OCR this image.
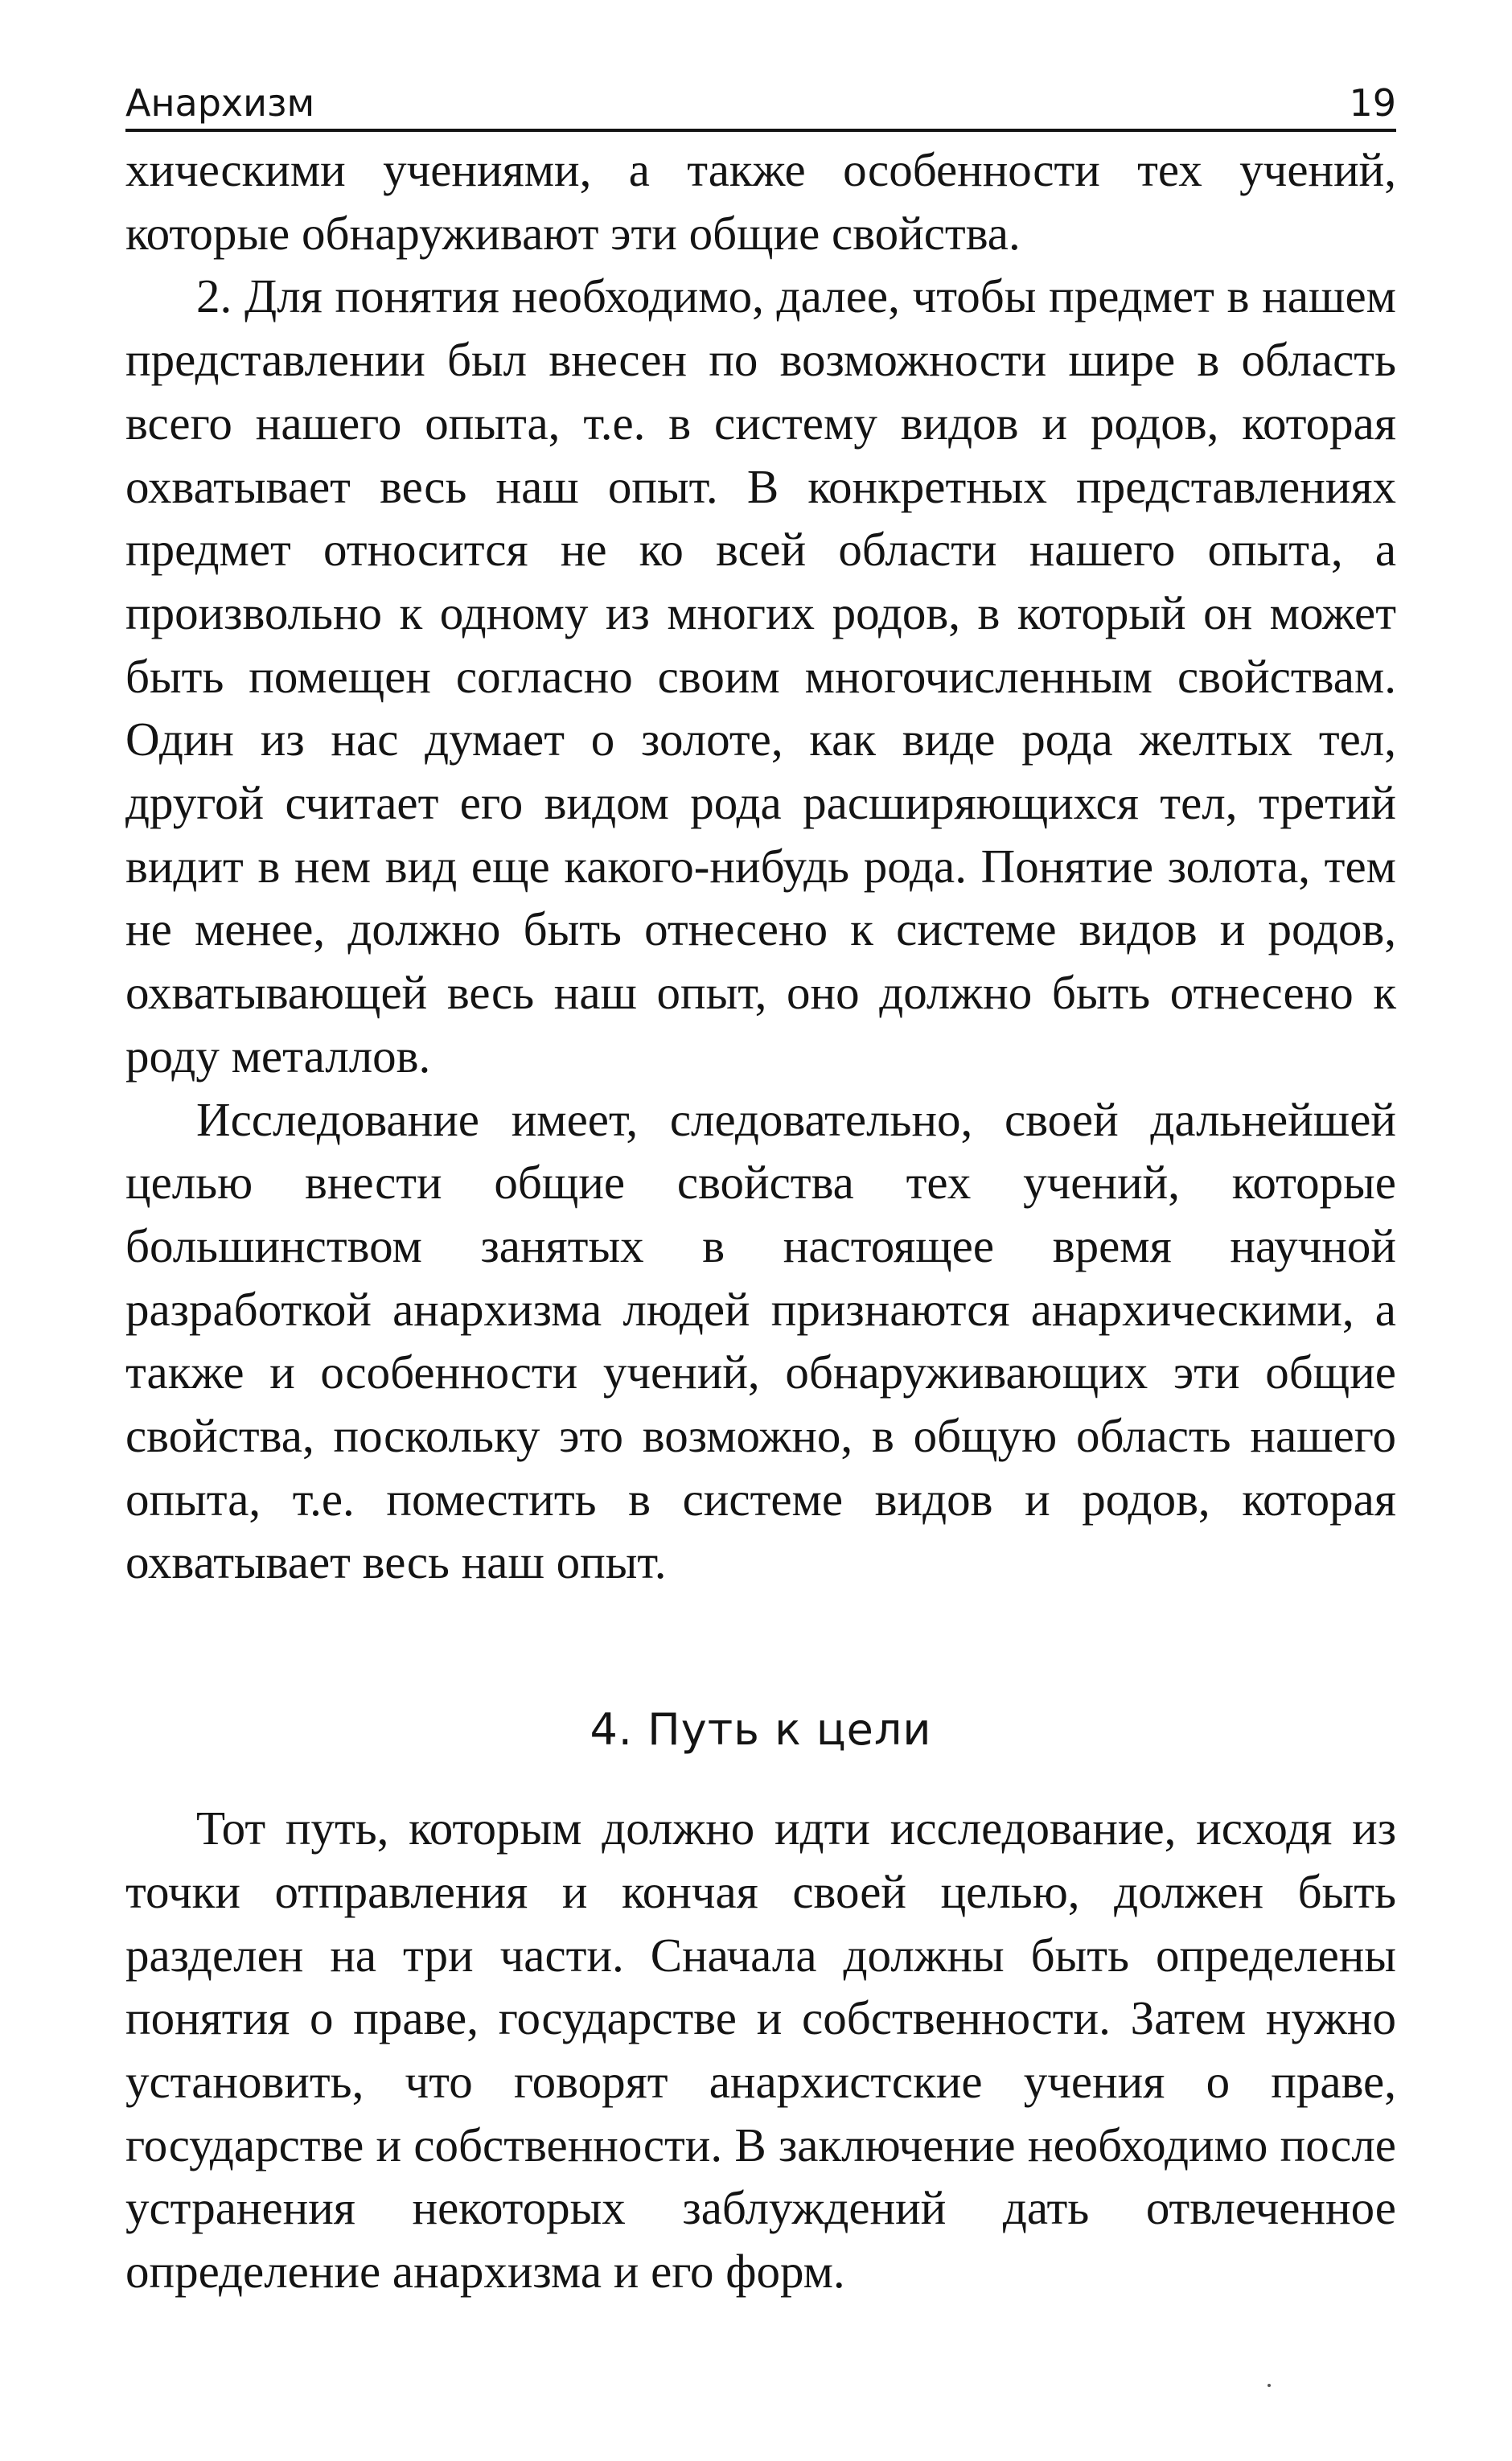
Анархизм	19

хическими учениями, а также особенности тех учений, которые обнаруживают эти общие свойства.

2. Для понятия необходимо, далее, чтобы предмет в нашем представлении был внесен по возможности шире в область всего нашего опыта, т.е. в систему видов и родов, которая охватывает весь наш опыт. В конкретных представлениях предмет относится не ко всей области нашего опыта, а произвольно к одному из многих родов, в который он может быть помещен согласно своим многочисленным свойствам. Один из нас думает о золоте, как виде рода желтых тел, другой считает его видом рода расширяющихся тел, третий видит в нем вид еще какого-нибудь рода. Понятие золота, тем не менее, должно быть отнесено к системе видов и родов, охватывающей весь наш опыт, оно должно быть отнесено к роду металлов.

Исследование имеет, следовательно, своей дальнейшей целью внести общие свойства тех учений, которые большинством занятых в настоящее время научной разработкой анархизма людей признаются анархическими, а также и особенности учений, обнаруживающих эти общие свойства, поскольку это возможно, в общую область нашего опыта, т.е. поместить в системе видов и родов, которая охватывает весь наш опыт.

4. Путь к цели

Тот путь, которым должно идти исследование, исходя из точки отправления и кончая своей целью, должен быть разделен на три части. Сначала должны быть определены понятия о праве, государстве и собственности. Затем нужно установить, что говорят анархистские учения о праве, государстве и собственности. В заключение необходимо после устранения некоторых заблуждений дать отвлеченное определение анархизма и его форм.
